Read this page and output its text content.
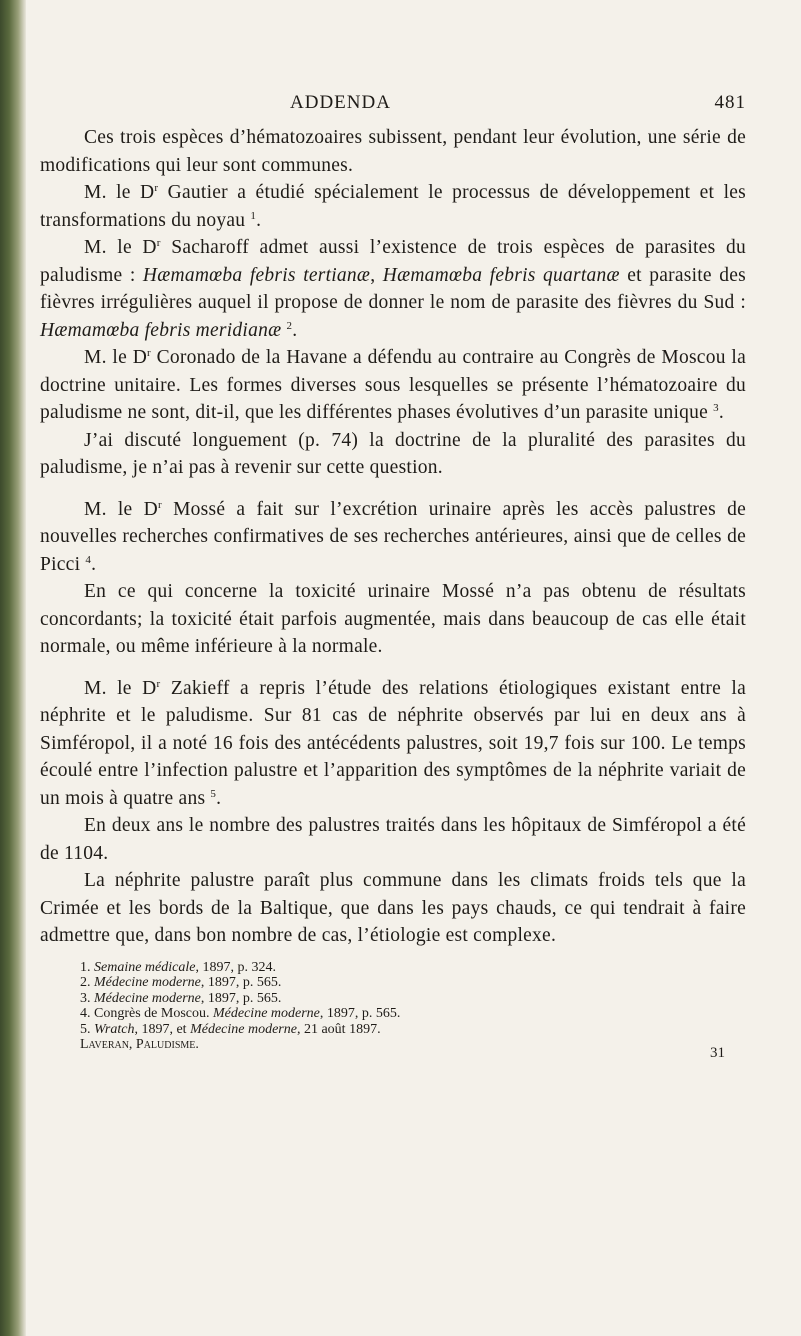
ADDENDA	481

Ces trois espèces d’hématozoaires subissent, pendant leur évolution, une série de modifications qui leur sont communes.

M. le $D^r$ Gautier a étudié spécialement le processus de développement et les transformations du noyau $^1$.

M. le $D^r$ Sacharoff admet aussi l’existence de trois espèces de parasites du paludisme : Hæmamœba febris tertianæ, Hæmamœba febris quartanæ et parasite des fièvres irrégulières auquel il propose de donner le nom de parasite des fièvres du Sud : Hæmamœba febris meridianæ $^2$.

M. le $D^r$ Coronado de la Havane a défendu au contraire au Congrès de Moscou la doctrine unitaire. Les formes diverses sous lesquelles se présente l’hématozoaire du paludisme ne sont, dit-il, que les différentes phases évolutives d’un parasite unique $^3$.

J’ai discuté longuement (p. 74) la doctrine de la pluralité des parasites du paludisme, je n’ai pas à revenir sur cette question.

M. le $D^r$ Mossé a fait sur l’excrétion urinaire après les accès palustres de nouvelles recherches confirmatives de ses recherches antérieures, ainsi que de celles de Picci $^4$.

En ce qui concerne la toxicité urinaire Mossé n’a pas obtenu de résultats concordants; la toxicité était parfois augmentée, mais dans beaucoup de cas elle était normale, ou même inférieure à la normale.

M. le $D^r$ Zakieff a repris l’étude des relations étiologiques existant entre la néphrite et le paludisme. Sur 81 cas de néphrite observés par lui en deux ans à Simféropol, il a noté 16 fois des antécédents palustres, soit 19,7 fois sur 100. Le temps écoulé entre l’infection palustre et l’apparition des symptômes de la néphrite variait de un mois à quatre ans $^5$.

En deux ans le nombre des palustres traités dans les hôpitaux de Simféropol a été de 1104.

La néphrite palustre paraît plus commune dans les climats froids tels que la Crimée et les bords de la Baltique, que dans les pays chauds, ce qui tendrait à faire admettre que, dans bon nombre de cas, l’étiologie est complexe.

1. Semaine médicale, 1897, p. 324.

2. Médecine moderne, 1897, p. 565.

3. Médecine moderne, 1897, p. 565.

4. Congrès de Moscou. Médecine moderne, 1897, p. 565.

5. Wratch, 1897, et Médecine moderne, 21 août 1897.

Laveran, Paludisme.
31
